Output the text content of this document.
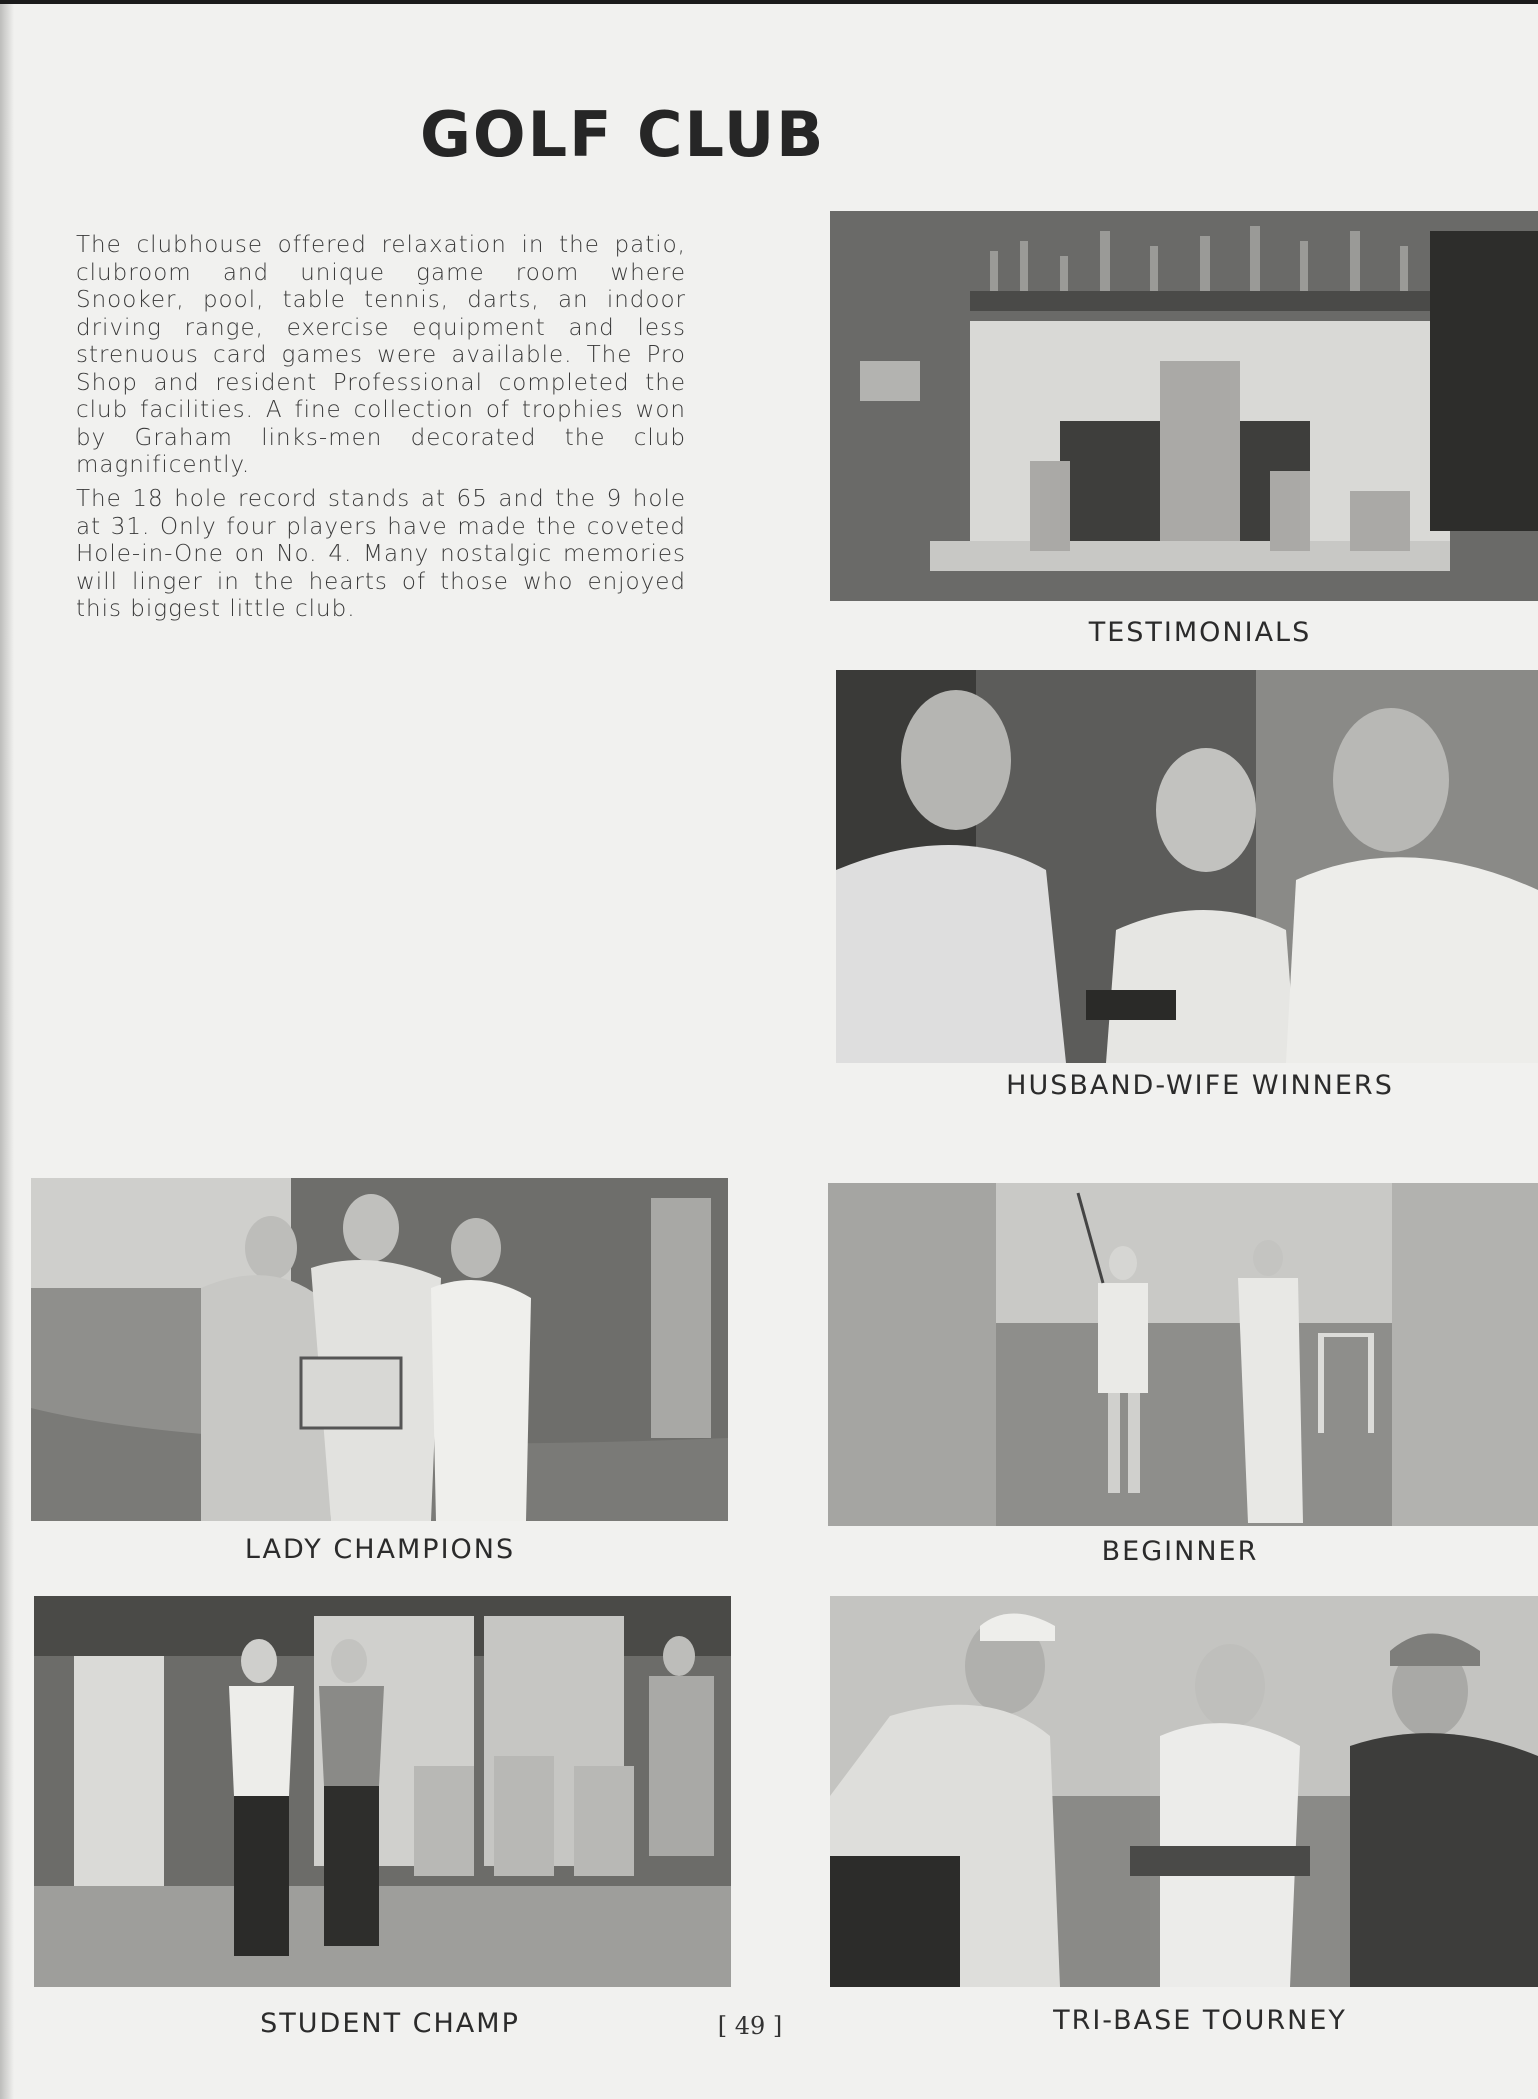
GOLF CLUB

The clubhouse offered relaxation in the patio, clubroom and unique game room where Snooker, pool, table tennis, darts, an indoor driving range, exercise equipment and less strenuous card games were available. The Pro Shop and resident Professional completed the club facilities. A fine collection of trophies won by Graham links-men decorated the club magnificently.

The 18 hole record stands at 65 and the 9 hole at 31. Only four players have made the coveted Hole-in-One on No. 4. Many nostalgic memories will linger in the hearts of those who enjoyed this biggest little club.

TESTIMONIALS
HUSBAND-WIFE WINNERS
LADY CHAMPIONS	BEGINNER
STUDENT CHAMP	TRI-BASE TOURNEY
[ 49 ]
